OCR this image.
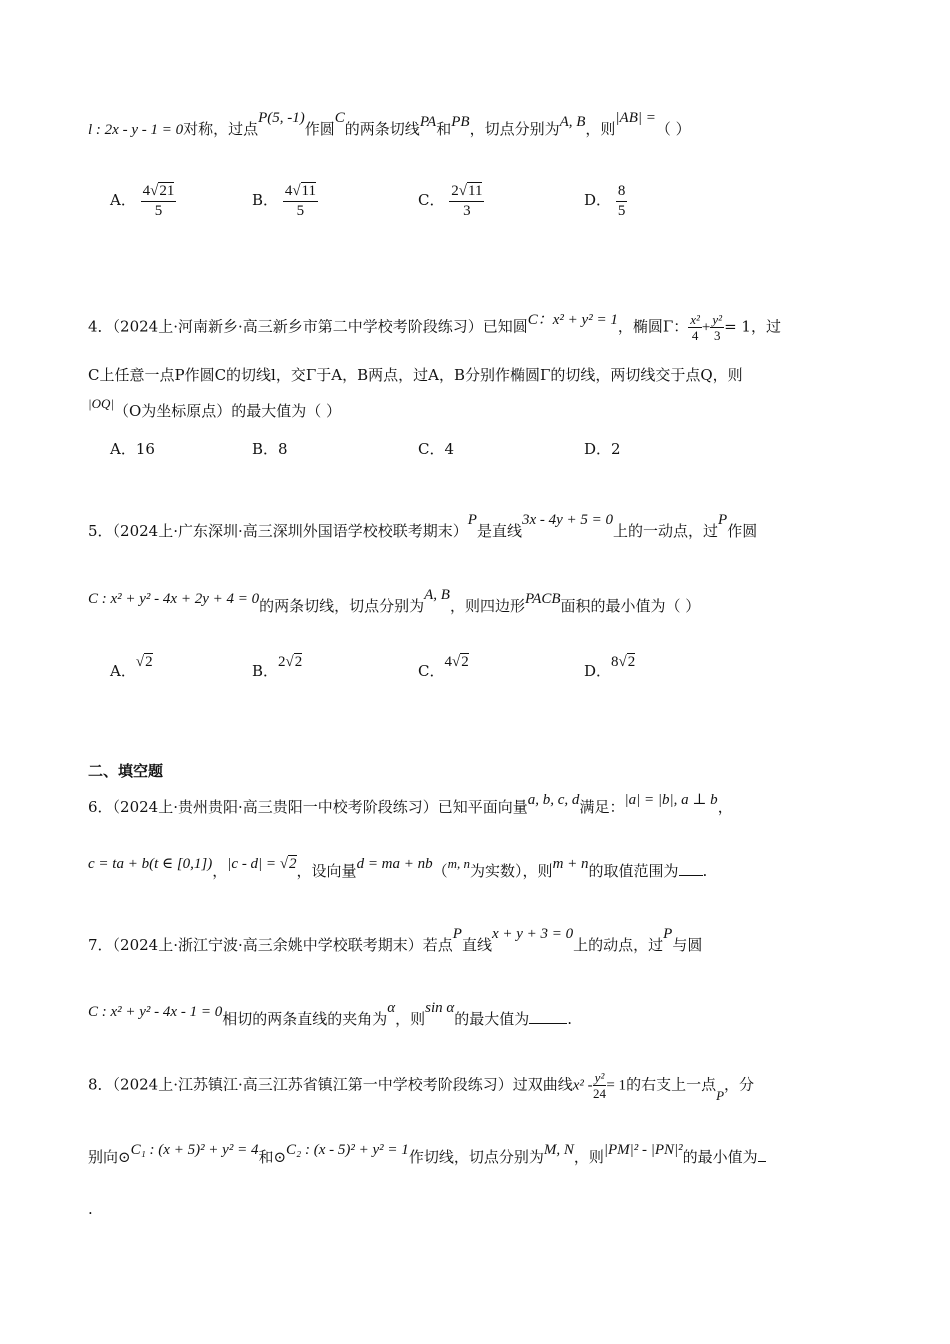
l : 2x - y - 1 = 0对称，过点P(5, -1)作圆C的两条切线PA和PB，切点分别为A, B，则|AB| =（ ）
A． $\frac{4√21}{5}$	B． $\frac{4√11}{5}$	C． $\frac{2√11}{3}$	D． $\frac{8}{5}$
4．（2024上·河南新乡·高三新乡市第二中学校考阶段练习）已知圆C：x² + y² = 1，椭圆Γ： $\frac{\text{x²}}{4} + \frac{\text{y²}}{3} = 1$，过
C上任意一点P作圆C的切线l，交Γ于A，B两点，过A，B分别作椭圆Γ的切线，两切线交于点Q，则
|OQ|（O为坐标原点）的最大值为（ ）
A．16	B．8	C．4	D．2
5．（2024上·广东深圳·高三深圳外国语学校校联考期末）P是直线3x - 4y + 5 = 0上的一动点，过P作圆
C : x² + y² - 4x + 2y + 4 = 0的两条切线，切点分别为A, B，则四边形PACB面积的最小值为（ ）
A．√2	B．2√2	C．4√2	D．8√2
二、填空题
6．（2024上·贵州贵阳·高三贵阳一中校考阶段练习）已知平面向量a, b, c, d满足：|a| = |b|, a ⊥ b，
c = ta + b(t ∈ [0,1])，|c - d| = √2，设向量d = ma + nb（m, n为实数），则m + n的取值范围为 .
7．（2024上·浙江宁波·高三余姚中学校联考期末）若点P直线x + y + 3 = 0上的动点，过P与圆
C : x² + y² - 4x - 1 = 0相切的两条直线的夹角为α，则sin α的最大值为	.
8．（2024上·江苏镇江·高三江苏省镇江第一中学校考阶段练习）过双曲线$x^2 - \frac{\text{y²}}{24} = 1$的右支上一点P，分
别向⊙C₁ : (x + 5)² + y² = 4和⊙C₂ : (x - 5)² + y² = 1作切线，切点分别为M, N，则|PM|² - |PN|²的最小值为
.
